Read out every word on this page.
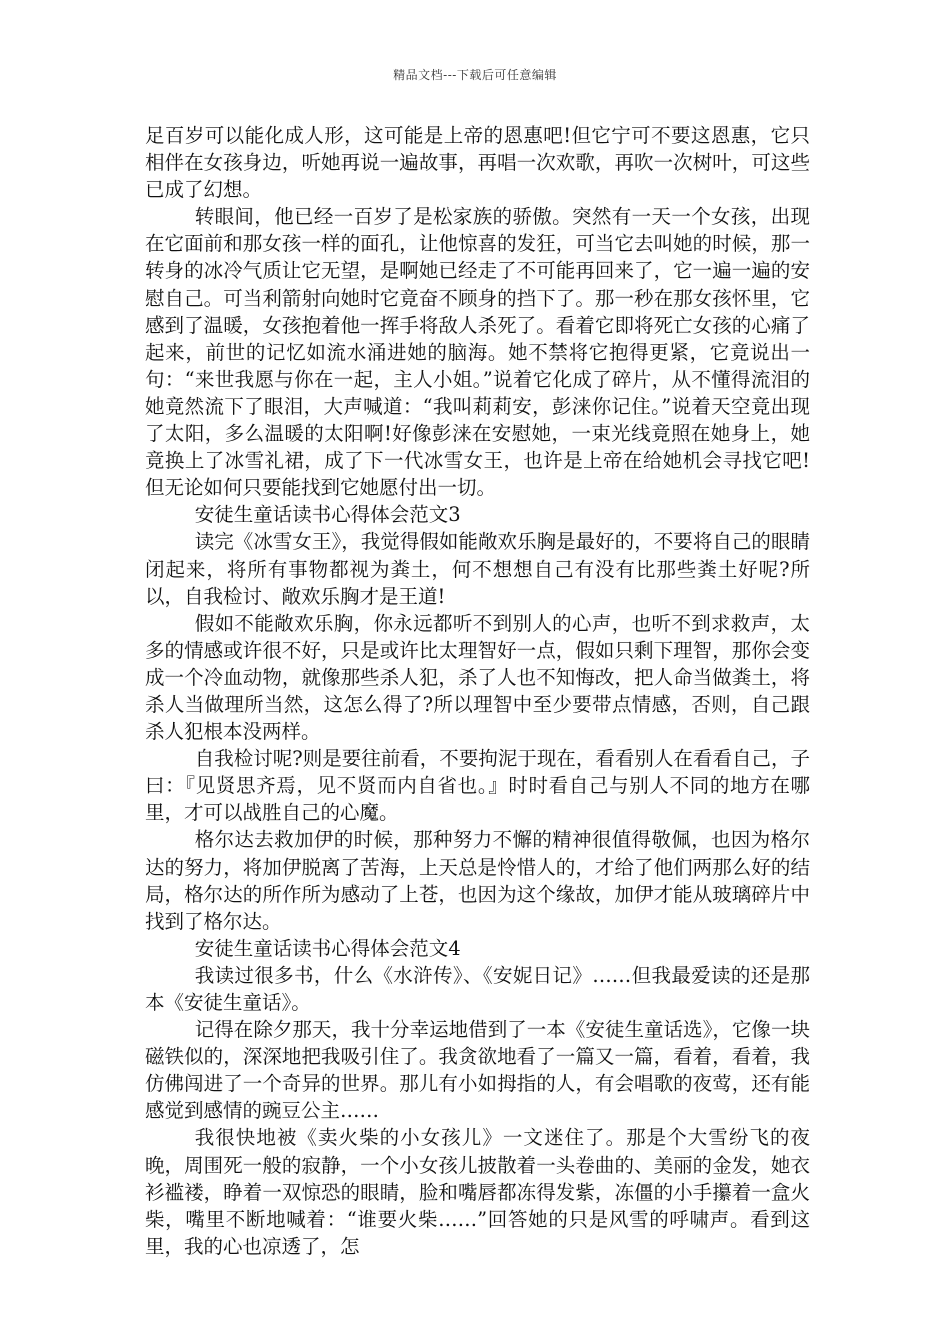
精品文档---下载后可任意编辑

足百岁可以能化成人形，这可能是上帝的恩惠吧!但它宁可不要这恩惠，它只相伴在女孩身边，听她再说一遍故事，再唱一次欢歌，再吹一次树叶，可这些已成了幻想。

转眼间，他已经一百岁了是松家族的骄傲。突然有一天一个女孩，出现在它面前和那女孩一样的面孔，让他惊喜的发狂，可当它去叫她的时候，那一转身的冰冷气质让它无望，是啊她已经走了不可能再回来了，它一遍一遍的安慰自己。可当利箭射向她时它竟奋不顾身的挡下了。那一秒在那女孩怀里，它感到了温暖，女孩抱着他一挥手将敌人杀死了。看着它即将死亡女孩的心痛了起来，前世的记忆如流水涌进她的脑海。她不禁将它抱得更紧，它竟说出一句：“来世我愿与你在一起，主人小姐。”说着它化成了碎片，从不懂得流泪的她竟然流下了眼泪，大声喊道：“我叫莉莉安，彭涞你记住。”说着天空竟出现了太阳，多么温暖的太阳啊!好像彭涞在安慰她，一束光线竟照在她身上，她竟换上了冰雪礼裙，成了下一代冰雪女王，也许是上帝在给她机会寻找它吧!但无论如何只要能找到它她愿付出一切。

安徒生童话读书心得体会范文3

读完《冰雪女王》，我觉得假如能敞欢乐胸是最好的，不要将自己的眼睛闭起来，将所有事物都视为粪土，何不想想自己有没有比那些粪土好呢?所以，自我检讨、敞欢乐胸才是王道!

假如不能敞欢乐胸，你永远都听不到别人的心声，也听不到求救声，太多的情感或许很不好，只是或许比太理智好一点，假如只剩下理智，那你会变成一个冷血动物，就像那些杀人犯，杀了人也不知悔改，把人命当做粪土，将杀人当做理所当然，这怎么得了?所以理智中至少要带点情感，否则，自己跟杀人犯根本没两样。

自我检讨呢?则是要往前看，不要拘泥于现在，看看别人在看看自己，子曰：『见贤思齐焉，见不贤而内自省也。』时时看自己与别人不同的地方在哪里，才可以战胜自己的心魔。

格尔达去救加伊的时候，那种努力不懈的精神很值得敬佩，也因为格尔达的努力，将加伊脱离了苦海，上天总是怜惜人的，才给了他们两那么好的结局，格尔达的所作所为感动了上苍，也因为这个缘故，加伊才能从玻璃碎片中找到了格尔达。

安徒生童话读书心得体会范文4

我读过很多书，什么《水浒传》、《安妮日记》……但我最爱读的还是那本《安徒生童话》。

记得在除夕那天，我十分幸运地借到了一本《安徒生童话选》，它像一块磁铁似的，深深地把我吸引住了。我贪欲地看了一篇又一篇，看着，看着，我仿佛闯进了一个奇异的世界。那儿有小如拇指的人，有会唱歌的夜莺，还有能感觉到感情的豌豆公主……

我很快地被《卖火柴的小女孩儿》一文迷住了。那是个大雪纷飞的夜晚，周围死一般的寂静，一个小女孩儿披散着一头卷曲的、美丽的金发，她衣衫褴褛，睁着一双惊恐的眼睛，脸和嘴唇都冻得发紫，冻僵的小手攥着一盒火柴，嘴里不断地喊着：“谁要火柴……”回答她的只是风雪的呼啸声。看到这里，我的心也凉透了，怎
